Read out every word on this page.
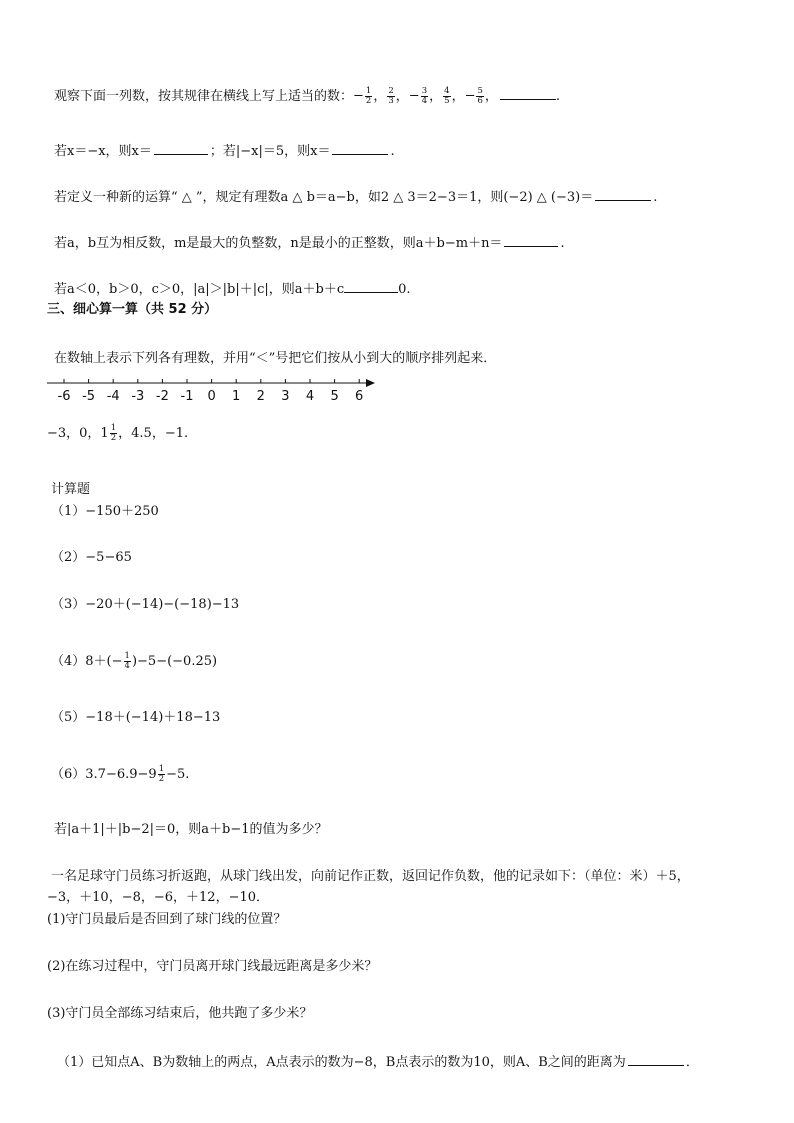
观察下面一列数，按其规律在横线上写上适当的数：− $\frac{1}{2}$ ， $\frac{2}{3}$ ，− $\frac{3}{4}$ ， $\frac{4}{5}$ ，− $\frac{5}{6}$ ，	.
若x＝−x，则x＝	；若|−x|＝5，则x＝	.
若定义一种新的运算“ △ ”，规定有理数a △ b＝a−b，如2 △ 3＝2−3＝1，则(−2) △ (−3)＝	.
若a，b互为相反数，m是最大的负整数，n是最小的正整数，则a＋b−m＋n＝	.
若a＜0，b＞0，c＞0，|a|＞|b|＋|c|，则a＋b＋c	0.
三、细心算一算（共 52 分）
在数轴上表示下列各有理数，并用“＜”号把它们按从小到大的顺序排列起来．
-6 -5 -4 -3 -2 -1 0 1 2 3 4 5 6
−3，0，$1 \frac{1}{2}$ ，4.5，−1.
计算题
（1）−150＋250
（2）−5−65
（3）−20＋(−14)−(−18)−13
$(4)8+(- \frac{1}{4} )-5-(-0.25)$
（5）−18＋(−14)＋18−13
$(6)3.7-6.9-9 \frac{1}{2} -5$.
若|a＋1|＋|b−2|＝0，则a＋b−1的值为多少？
一名足球守门员练习折返跑，从球门线出发，向前记作正数，返回记作负数，他的记录如下：（单位：米）＋5，
−3，＋10，−8，−6，＋12，−10．
(1)守门员最后是否回到了球门线的位置？
(2)在练习过程中，守门员离开球门线最远距离是多少米？
(3)守门员全部练习结束后，他共跑了多少米？
（1）已知点A、B为数轴上的两点，A点表示的数为−8，B点表示的数为10，则A、B之间的距离为	．
